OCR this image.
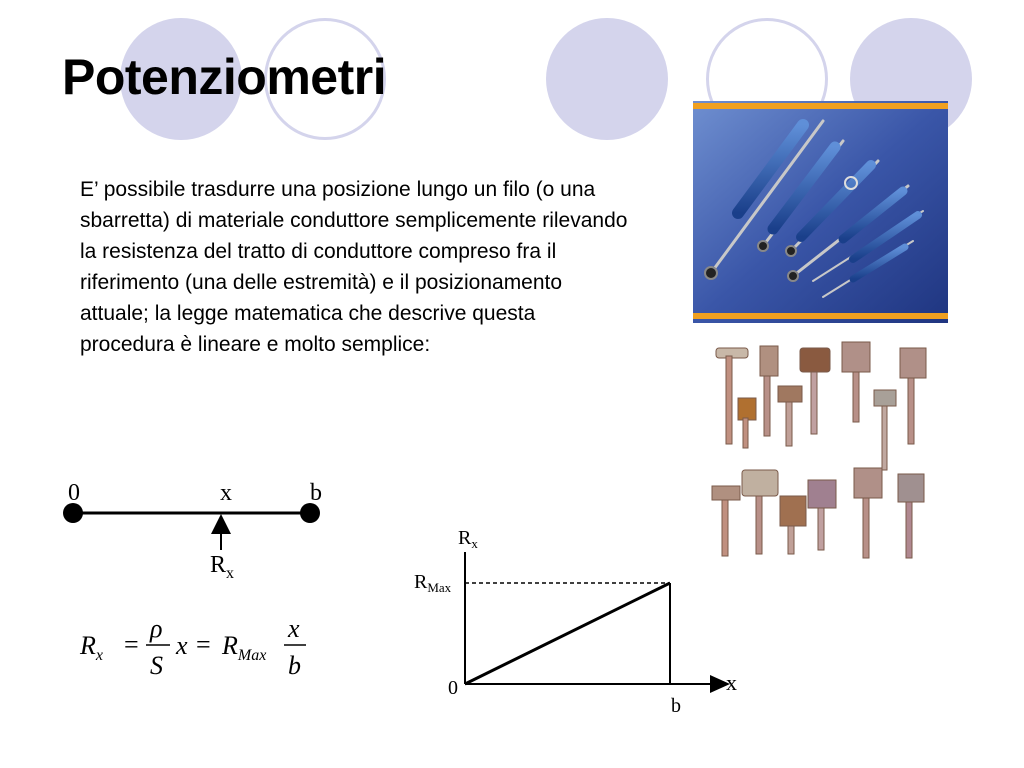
Potenziometri

E’ possibile trasdurre una posizione lungo un filo (o una sbarretta) di materiale conduttore semplicemente rilevando la resistenza del tratto di conduttore compreso fra il riferimento (una delle estremità) e il posizionamento attuale; la legge matematica che descrive questa procedura è lineare e molto semplice:

0	x	b
$R_x$
$R_x$ =
ρ
S
$x = R_{Max}$
x
b
$R_x$
$R_{Max}$
0	x
b
